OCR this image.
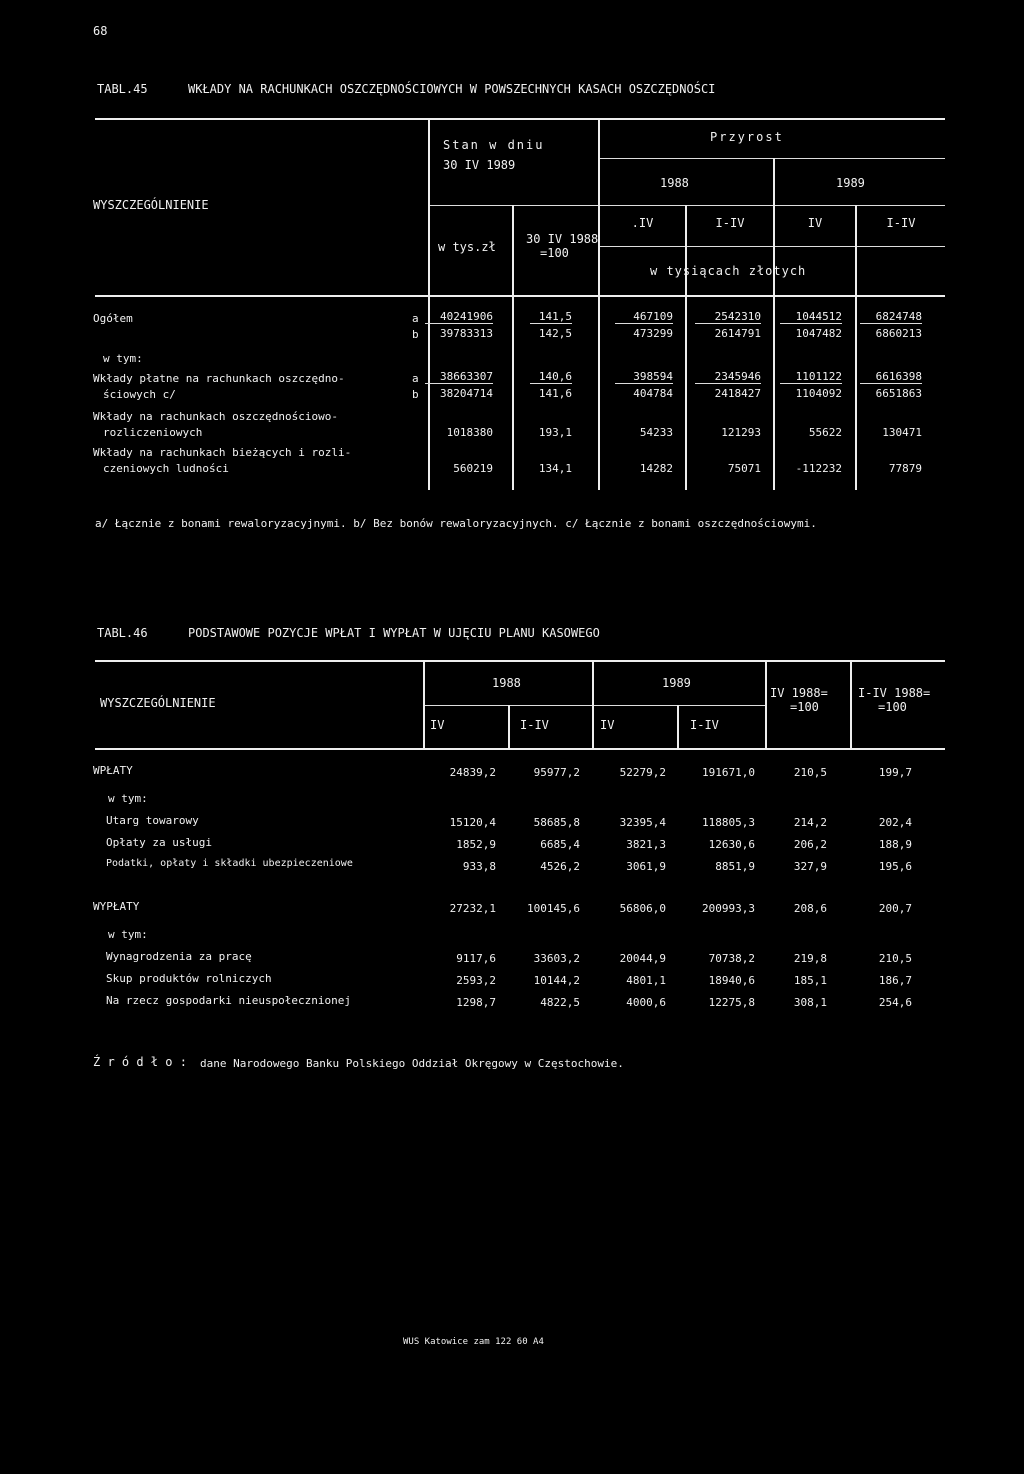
68
TABL.45	WKŁADY NA RACHUNKACH OSZCZĘDNOŚCIOWYCH W POWSZECHNYCH KASACH OSZCZĘDNOŚCI
WYSZCZEGÓLNIENIE
Stan w dniu
30 IV 1989
w tys.zł
30 IV 1988
=100
Przyrost
1988	1989
.IV	I-IV	IV	I-IV
w tysiącach złotych
Ogółem	a	40241906	141,5	467109	2542310	1044512	6824748
b	39783313	142,5	473299	2614791	1047482	6860213
w tym:
Wkłady płatne na rachunkach oszczędno-	a	38663307	140,6	398594	2345946	1101122	6616398
ściowych c/	b	38204714	141,6	404784	2418427	1104092	6651863
Wkłady na rachunkach oszczędnościowo-
rozliczeniowych	1018380	193,1	54233	121293	55622	130471
Wkłady na rachunkach bieżących i rozli-
czeniowych ludności	560219	134,1	14282	75071	-112232	77879
a/ Łącznie z bonami rewaloryzacyjnymi. b/ Bez bonów rewaloryzacyjnych. c/ Łącznie z bonami oszczędnościowymi.
TABL.46	PODSTAWOWE POZYCJE WPŁAT I WYPŁAT W UJĘCIU PLANU KASOWEGO
WYSZCZEGÓLNIENIE
1988	1989
IV	I-IV	IV	I-IV
IV 1988=
=100
I-IV 1988=
=100
WPŁATY	24839,2	95977,2	52279,2	191671,0	210,5	199,7
w tym:
Utarg towarowy	15120,4	58685,8	32395,4	118805,3	214,2	202,4
Opłaty za usługi	1852,9	6685,4	3821,3	12630,6	206,2	188,9
Podatki, opłaty i składki ubezpieczeniowe	933,8	4526,2	3061,9	8851,9	327,9	195,6
WYPŁATY	27232,1	100145,6	56806,0	200993,3	208,6	200,7
w tym:
Wynagrodzenia za pracę	9117,6	33603,2	20044,9	70738,2	219,8	210,5
Skup produktów rolniczych	2593,2	10144,2	4801,1	18940,6	185,1	186,7
Na rzecz gospodarki nieuspołecznionej	1298,7	4822,5	4000,6	12275,8	308,1	254,6
Ź r ó d ł o : dane Narodowego Banku Polskiego Oddział Okręgowy w Częstochowie.
WUS Katowice zam 122 60 A4
